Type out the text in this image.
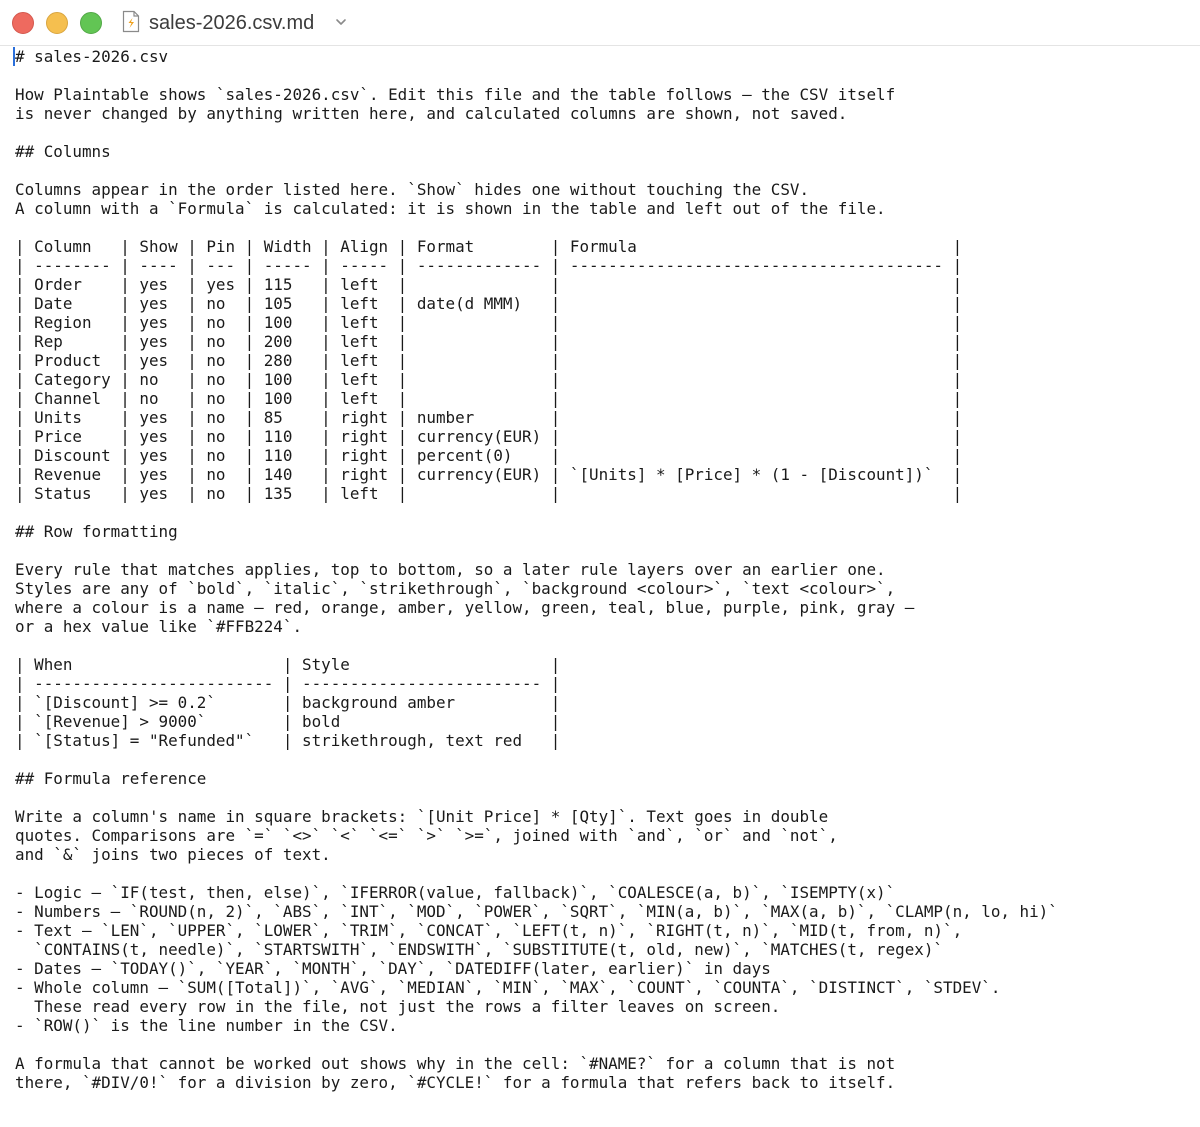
sales-2026.csv.md
# sales-2026.csv
How Plaintable shows `sales-2026.csv`. Edit this file and the table follows — the CSV itself
is never changed by anything written here, and calculated columns are shown, not saved.
## Columns
Columns appear in the order listed here. `Show` hides one without touching the CSV.
A column with a `Formula` is calculated: it is shown in the table and left out of the file.
| Column   | Show | Pin | Width | Align | Format        | Formula                                 |
| -------- | ---- | --- | ----- | ----- | ------------- | --------------------------------------- |
| Order    | yes  | yes | 115   | left  |               |                                         |
| Date     | yes  | no  | 105   | left  | date(d MMM)   |                                         |
| Region   | yes  | no  | 100   | left  |               |                                         |
| Rep      | yes  | no  | 200   | left  |               |                                         |
| Product  | yes  | no  | 280   | left  |               |                                         |
| Category | no   | no  | 100   | left  |               |                                         |
| Channel  | no   | no  | 100   | left  |               |                                         |
| Units    | yes  | no  | 85    | right | number        |                                         |
| Price    | yes  | no  | 110   | right | currency(EUR) |                                         |
| Discount | yes  | no  | 110   | right | percent(0)    |                                         |
| Revenue  | yes  | no  | 140   | right | currency(EUR) | `[Units] * [Price] * (1 - [Discount])`  |
| Status   | yes  | no  | 135   | left  |               |                                         |
## Row formatting
Every rule that matches applies, top to bottom, so a later rule layers over an earlier one.
Styles are any of `bold`, `italic`, `strikethrough`, `background <colour>`, `text <colour>`,
where a colour is a name — red, orange, amber, yellow, green, teal, blue, purple, pink, gray —
or a hex value like `#FFB224`.
| When                      | Style                     |
| ------------------------- | ------------------------- |
| `[Discount] >= 0.2`       | background amber          |
| `[Revenue] > 9000`        | bold                      |
| `[Status] = "Refunded"`   | strikethrough, text red   |
## Formula reference
Write a column's name in square brackets: `[Unit Price] * [Qty]`. Text goes in double
quotes. Comparisons are `=` `<>` `<` `<=` `>` `>=`, joined with `and`, `or` and `not`,
and `&` joins two pieces of text.
- Logic — `IF(test, then, else)`, `IFERROR(value, fallback)`, `COALESCE(a, b)`, `ISEMPTY(x)`
- Numbers — `ROUND(n, 2)`, `ABS`, `INT`, `MOD`, `POWER`, `SQRT`, `MIN(a, b)`, `MAX(a, b)`, `CLAMP(n, lo, hi)`
- Text — `LEN`, `UPPER`, `LOWER`, `TRIM`, `CONCAT`, `LEFT(t, n)`, `RIGHT(t, n)`, `MID(t, from, n)`,
`CONTAINS(t, needle)`, `STARTSWITH`, `ENDSWITH`, `SUBSTITUTE(t, old, new)`, `MATCHES(t, regex)`
- Dates — `TODAY()`, `YEAR`, `MONTH`, `DAY`, `DATEDIFF(later, earlier)` in days
- Whole column — `SUM([Total])`, `AVG`, `MEDIAN`, `MIN`, `MAX`, `COUNT`, `COUNTA`, `DISTINCT`, `STDEV`.
These read every row in the file, not just the rows a filter leaves on screen.
- `ROW()` is the line number in the CSV.
A formula that cannot be worked out shows why in the cell: `#NAME?` for a column that is not
there, `#DIV/0!` for a division by zero, `#CYCLE!` for a formula that refers back to itself.
